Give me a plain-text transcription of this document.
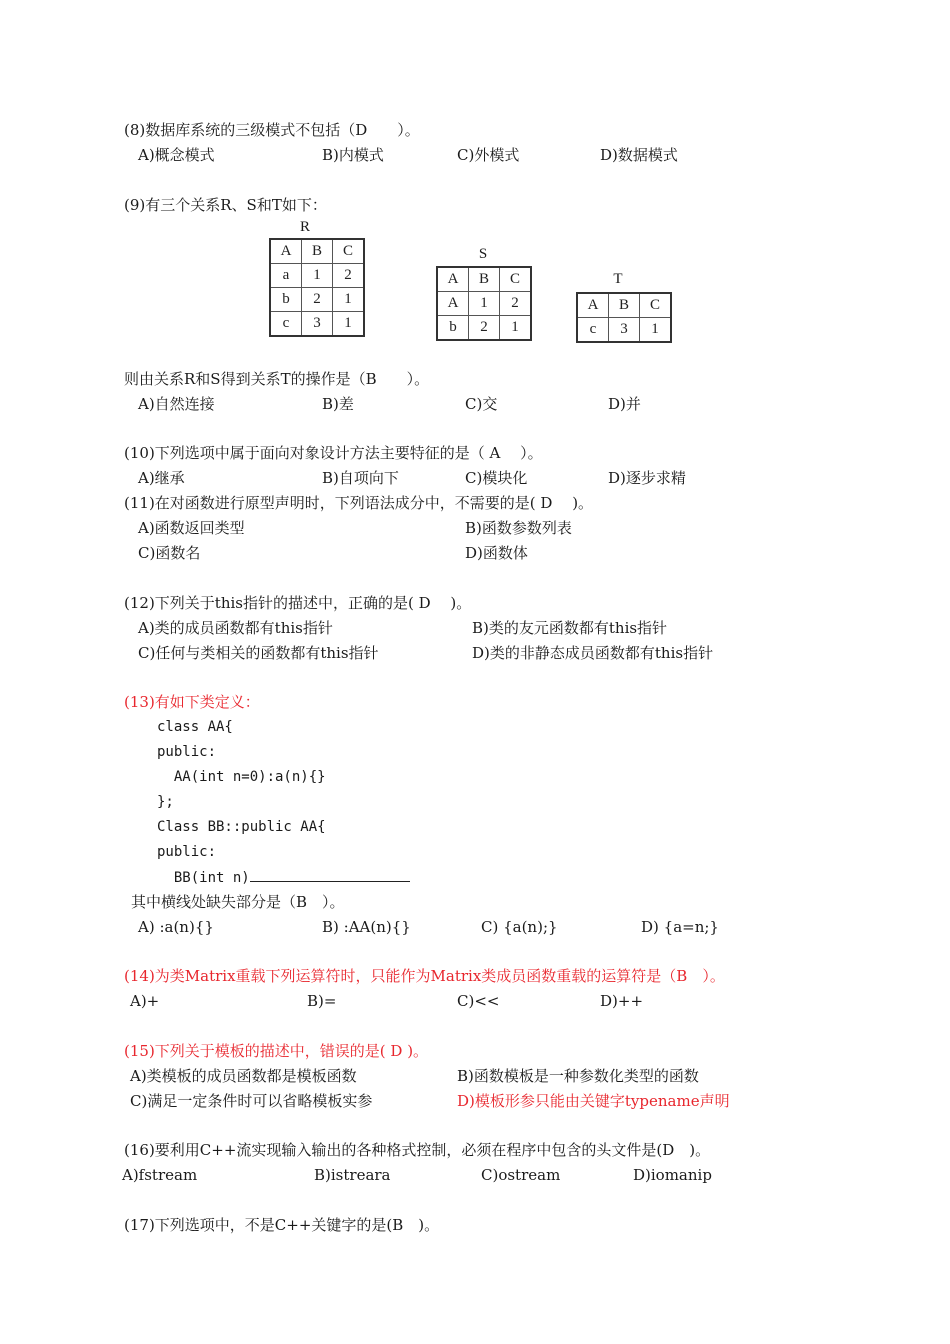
(8)数据库系统的三级模式不包括（D　　）。
A)概念模式	B)内模式	C)外模式	D)数据模式
(9)有三个关系R、S和T如下：
R
A	B	C
a	1	2
b	2	1
c	3	1
S
A	B	C
A	1	2
b	2	1
T
A	B	C
c	3	1
则由关系R和S得到关系T的操作是（B　　）。
A)自然连接	B)差	C)交	D)并
(10)下列选项中属于面向对象设计方法主要特征的是（ A　 ）。
A)继承	B)自项向下	C)模块化	D)逐步求精
(11)在对函数进行原型声明时，下列语法成分中，不需要的是( D　 )。
A)函数返回类型	B)函数参数列表
C)函数名	D)函数体
(12)下列关于this指针的描述中，正确的是( D　 )。
A)类的成员函数都有this指针	B)类的友元函数都有this指针
C)任何与类相关的函数都有this指针	D)类的非静态成员函数都有this指针
(13)有如下类定义：
class AA{
public:
AA(int n=0):a(n){}
};
Class BB::public AA{
public:
BB(int n)
其中横线处缺失部分是（B　）。
A) :a(n){}	B) :AA(n){}	C) {a(n);}	D) {a=n;}
(14)为类Matrix重载下列运算符时，只能作为Matrix类成员函数重载的运算符是（B　）。
A)+	B)=	C)<<	D)++
(15)下列关于模板的描述中，错误的是( D )。
A)类模板的成员函数都是模板函数	B)函数模板是一种参数化类型的函数
C)满足一定条件时可以省略模板实参	D)模板形参只能由关键字typename声明
(16)要利用C++流实现输入输出的各种格式控制，必须在程序中包含的头文件是(D　)。
A)fstream	B)istreara	C)ostream	D)iomanip
(17)下列选项中，不是C++关键字的是(B　)。
